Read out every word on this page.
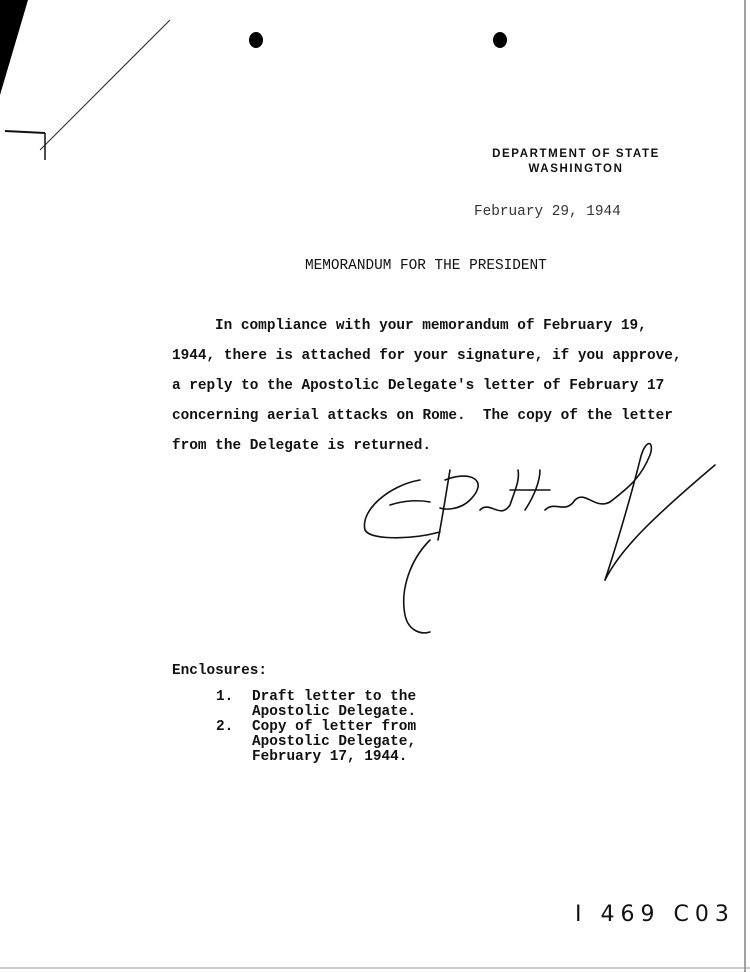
DEPARTMENT OF STATE
WASHINGTON
February 29, 1944
MEMORANDUM FOR THE PRESIDENT
In compliance with your memorandum of February 19,
1944, there is attached for your signature, if you approve,
a reply to the Apostolic Delegate's letter of February 17
concerning aerial attacks on Rome.  The copy of the letter
from the Delegate is returned.
Enclosures:
1.	Draft letter to the
Apostolic Delegate.
2.	Copy of letter from
Apostolic Delegate,
February 17, 1944.
I 469 C03
